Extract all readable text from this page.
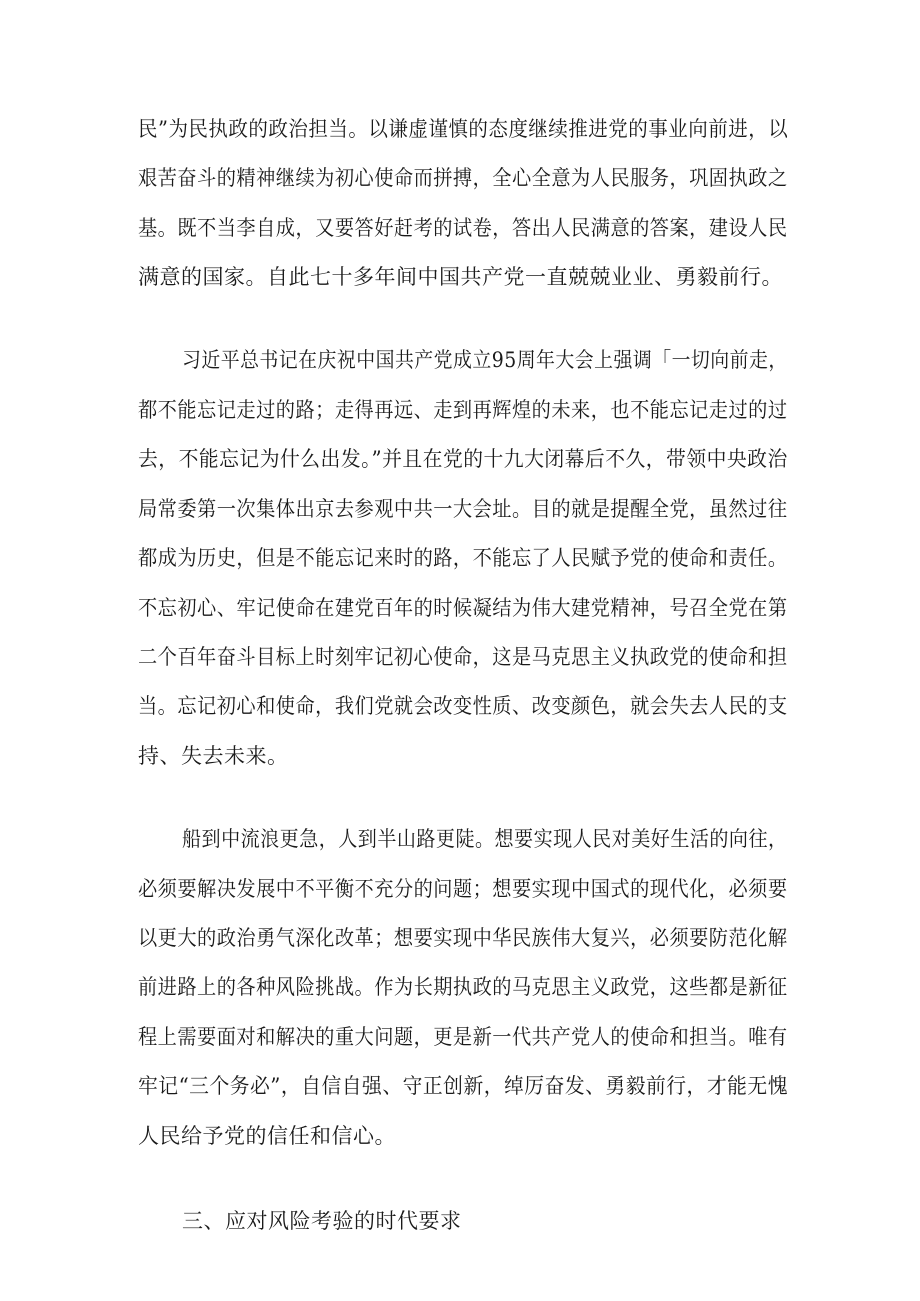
民”为民执政的政治担当。以谦虚谨慎的态度继续推进党的事业向前进，以
艰苦奋斗的精神继续为初心使命而拼搏，全心全意为人民服务，巩固执政之
基。既不当李自成，又要答好赶考的试卷，答出人民满意的答案，建设人民
满意的国家。自此七十多年间中国共产党一直兢兢业业、勇毅前行。
习近平总书记在庆祝中国共产党成立95周年大会上强调「一切向前走，
都不能忘记走过的路；走得再远、走到再辉煌的未来，也不能忘记走过的过
去，不能忘记为什么出发。”并且在党的十九大闭幕后不久，带领中央政治
局常委第一次集体出京去参观中共一大会址。目的就是提醒全党，虽然过往
都成为历史，但是不能忘记来时的路，不能忘了人民赋予党的使命和责任。
不忘初心、牢记使命在建党百年的时候凝结为伟大建党精神，号召全党在第
二个百年奋斗目标上时刻牢记初心使命，这是马克思主义执政党的使命和担
当。忘记初心和使命，我们党就会改变性质、改变颜色，就会失去人民的支
持、失去未来。
船到中流浪更急，人到半山路更陡。想要实现人民对美好生活的向往，
必须要解决发展中不平衡不充分的问题；想要实现中国式的现代化，必须要
以更大的政治勇气深化改革；想要实现中华民族伟大复兴，必须要防范化解
前进路上的各种风险挑战。作为长期执政的马克思主义政党，这些都是新征
程上需要面对和解决的重大问题，更是新一代共产党人的使命和担当。唯有
牢记“三个务必”，自信自强、守正创新，绰厉奋发、勇毅前行，才能无愧
人民给予党的信任和信心。
三、应对风险考验的时代要求
